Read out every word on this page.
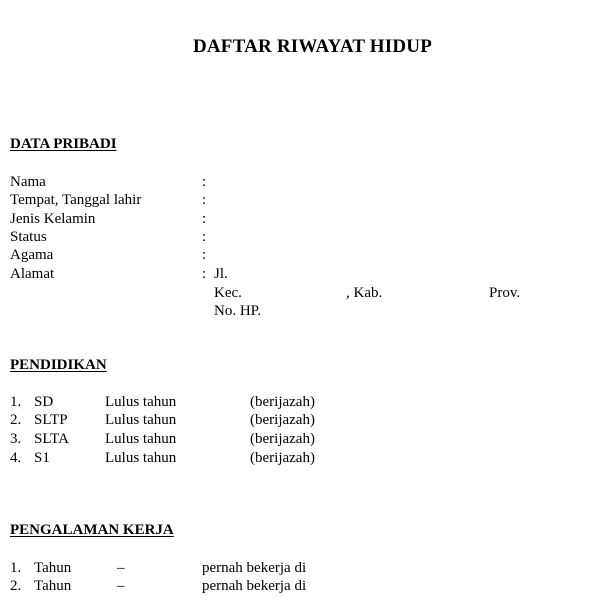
DAFTAR RIWAYAT HIDUP
DATA PRIBADI
Nama	:
Tempat, Tanggal lahir	:
Jenis Kelamin	:
Status	:
Agama	:
Alamat	: Jl.
Kec.	, Kab.	Prov.
No. HP.
PENDIDIKAN
1. SD	Lulus tahun	(berijazah)
2. SLTP Lulus tahun	(berijazah)
3. SLTA Lulus tahun	(berijazah)
4. S1	Lulus tahun	(berijazah)
PENGALAMAN KERJA
1. Tahun	–	pernah bekerja di
2. Tahun	–	pernah bekerja di
